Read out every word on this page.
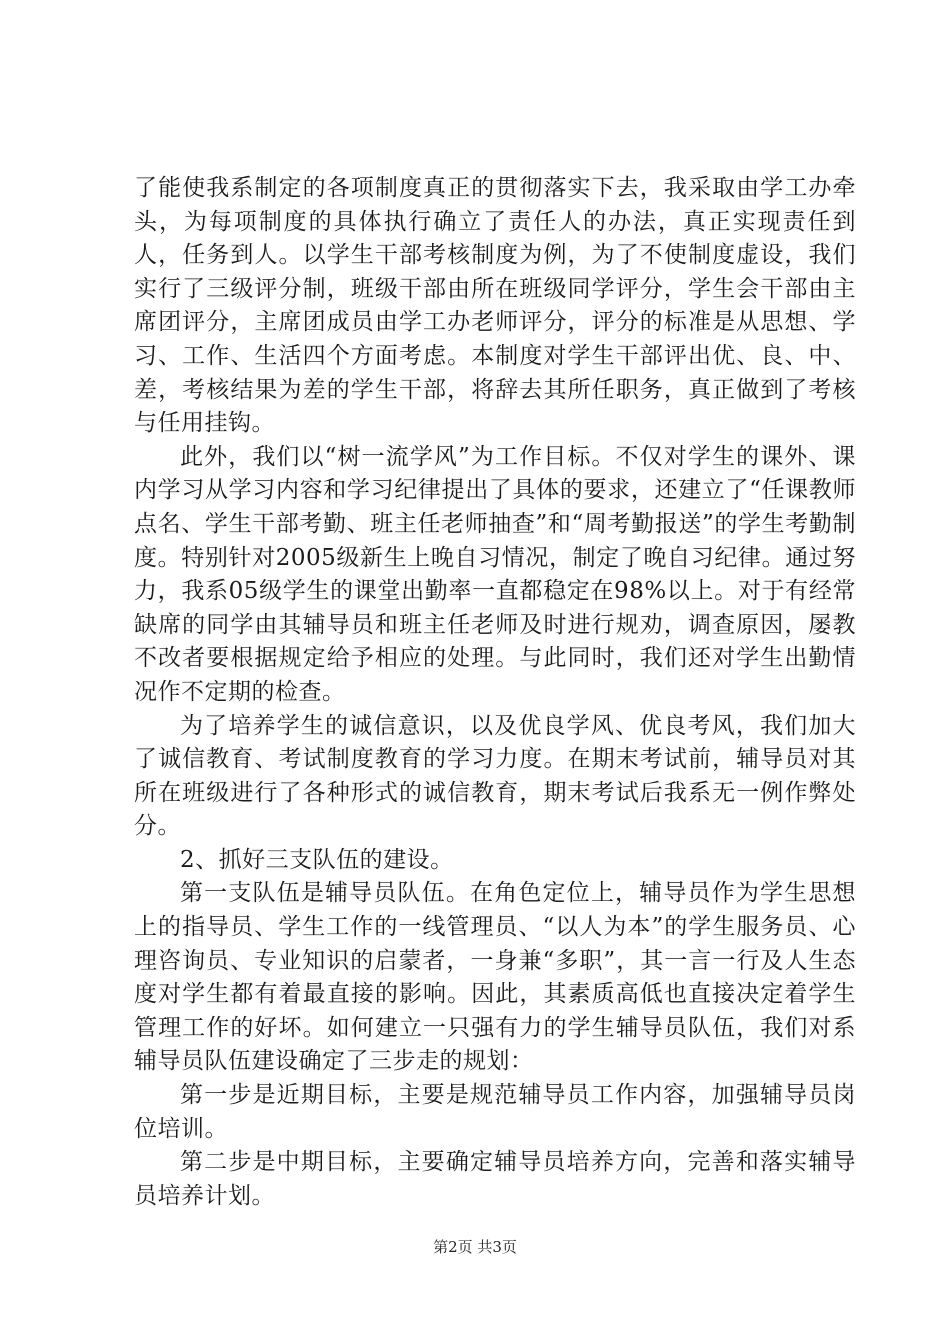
了能使我系制定的各项制度真正的贯彻落实下去，我采取由学工办牵头，为每项制度的具体执行确立了责任人的办法，真正实现责任到人，任务到人。以学生干部考核制度为例，为了不使制度虚设，我们实行了三级评分制，班级干部由所在班级同学评分，学生会干部由主席团评分，主席团成员由学工办老师评分，评分的标准是从思想、学习、工作、生活四个方面考虑。本制度对学生干部评出优、良、中、差，考核结果为差的学生干部，将辞去其所任职务，真正做到了考核与任用挂钩。

此外，我们以“树一流学风”为工作目标。不仅对学生的课外、课内学习从学习内容和学习纪律提出了具体的要求，还建立了“任课教师点名、学生干部考勤、班主任老师抽查”和“周考勤报送”的学生考勤制度。特别针对2005级新生上晚自习情况，制定了晚自习纪律。通过努力，我系05级学生的课堂出勤率一直都稳定在98%以上。对于有经常缺席的同学由其辅导员和班主任老师及时进行规劝，调查原因，屡教不改者要根据规定给予相应的处理。与此同时，我们还对学生出勤情况作不定期的检查。

为了培养学生的诚信意识，以及优良学风、优良考风，我们加大了诚信教育、考试制度教育的学习力度。在期末考试前，辅导员对其所在班级进行了各种形式的诚信教育，期末考试后我系无一例作弊处分。

2、抓好三支队伍的建设。

第一支队伍是辅导员队伍。在角色定位上，辅导员作为学生思想上的指导员、学生工作的一线管理员、“以人为本”的学生服务员、心理咨询员、专业知识的启蒙者，一身兼“多职”，其一言一行及人生态度对学生都有着最直接的影响。因此，其素质高低也直接决定着学生管理工作的好坏。如何建立一只强有力的学生辅导员队伍，我们对系辅导员队伍建设确定了三步走的规划：

第一步是近期目标，主要是规范辅导员工作内容，加强辅导员岗位培训。

第二步是中期目标，主要确定辅导员培养方向，完善和落实辅导员培养计划。

第2页 共3页
